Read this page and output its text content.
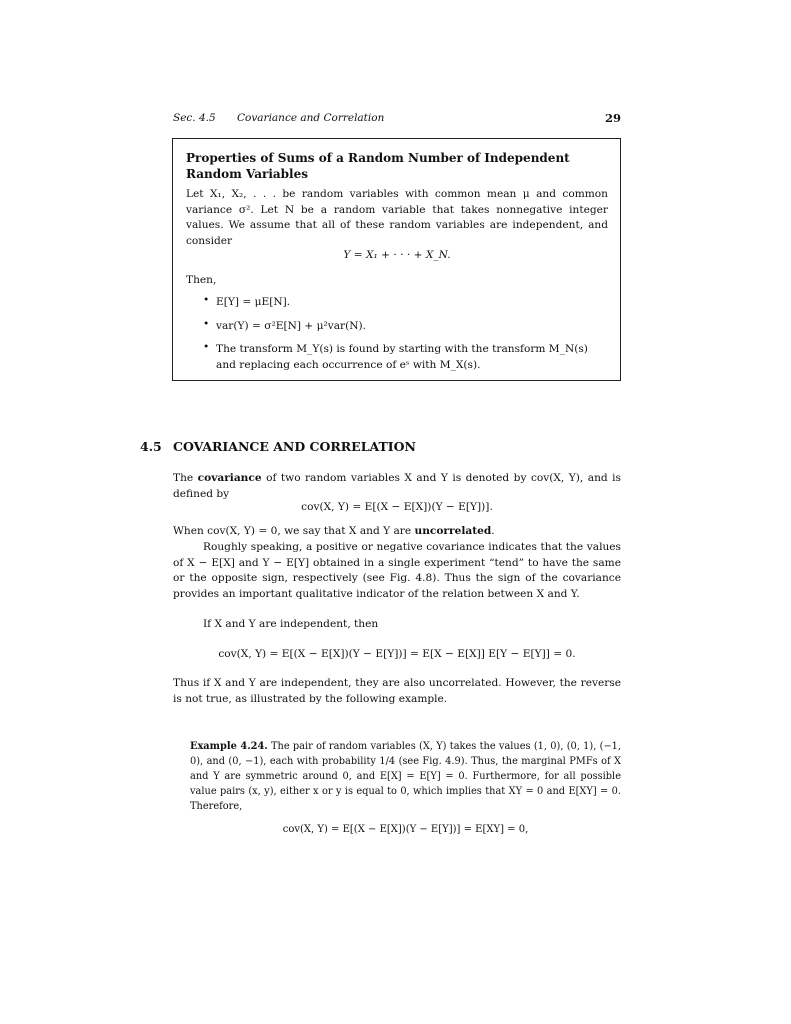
Sec. 4.5 Covariance and Correlation	29
Properties of Sums of a Random Number of Independent Random Variables
Let X₁, X₂, . . . be random variables with common mean μ and common variance σ². Let N be a random variable that takes nonnegative integer values. We assume that all of these random variables are independent, and consider
Y = X₁ + · · · + X_N.
Then,
• E[Y] = μE[N].
• var(Y) = σ²E[N] + μ²var(N).
• The transform M_Y(s) is found by starting with the transform M_N(s) and replacing each occurrence of eˢ with M_X(s).
4.5 COVARIANCE AND CORRELATION
The covariance of two random variables X and Y is denoted by cov(X, Y), and is defined by
cov(X, Y) = E[(X − E[X])(Y − E[Y])].
When cov(X, Y) = 0, we say that X and Y are uncorrelated.
Roughly speaking, a positive or negative covariance indicates that the values of X − E[X] and Y − E[Y] obtained in a single experiment “tend” to have the same or the opposite sign, respectively (see Fig. 4.8). Thus the sign of the covariance provides an important qualitative indicator of the relation between X and Y.
If X and Y are independent, then
cov(X, Y) = E[(X − E[X])(Y − E[Y])] = E[X − E[X]] E[Y − E[Y]] = 0.
Thus if X and Y are independent, they are also uncorrelated. However, the reverse is not true, as illustrated by the following example.
Example 4.24. The pair of random variables (X, Y) takes the values (1, 0), (0, 1), (−1, 0), and (0, −1), each with probability 1/4 (see Fig. 4.9). Thus, the marginal PMFs of X and Y are symmetric around 0, and E[X] = E[Y] = 0. Furthermore, for all possible value pairs (x, y), either x or y is equal to 0, which implies that XY = 0 and E[XY] = 0. Therefore,
cov(X, Y) = E[(X − E[X])(Y − E[Y])] = E[XY] = 0,
